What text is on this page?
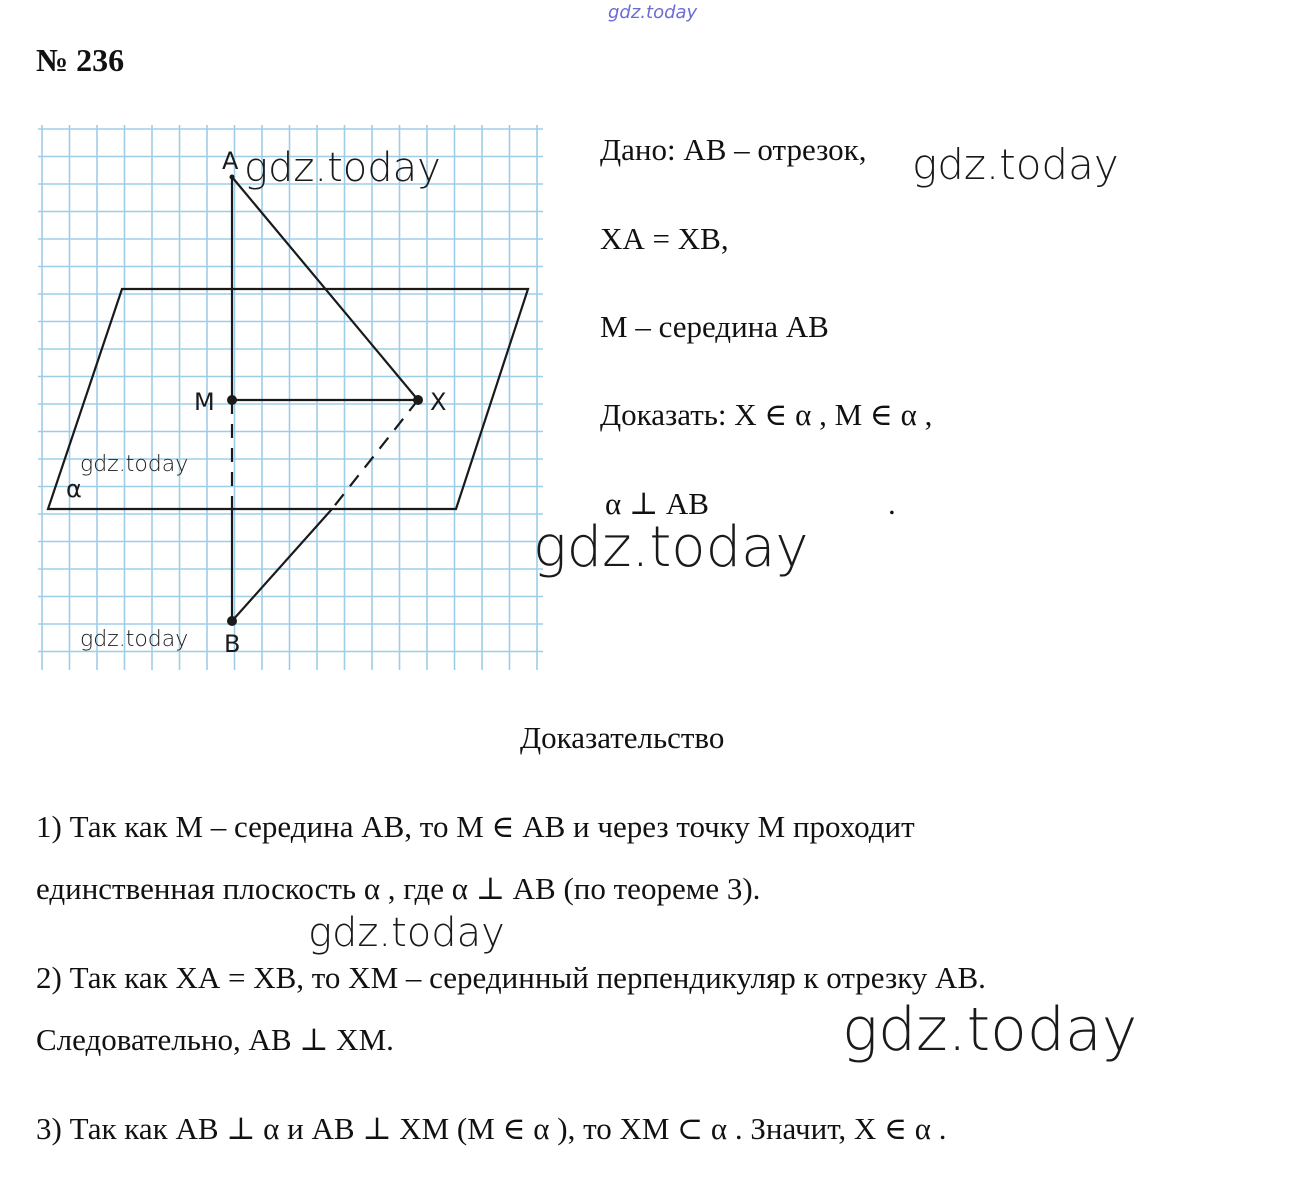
gdz.today
№ 236
A
M	X
B
α
gdz.today
gdz.today
gdz.today
Дано: АВ – отрезок, gdz.today
ХА = ХВ,
М – середина АВ
Доказать: Х ∈ α , М ∈ α ,
α ⊥ АВ	.
gdz.today
Доказательство
1) Так как М – середина АВ, то М ∈ АВ и через точку М проходит
единственная плоскость α , где α ⊥ АВ (по теореме 3).
gdz.today
2) Так как ХА = ХВ, то ХМ – серединный перпендикуляр к отрезку АВ.
Следовательно, АВ ⊥ ХМ.	gdz.today
3) Так как АВ ⊥ α и АВ ⊥ ХМ (М ∈ α ), то ХМ ⊂ α . Значит, Х ∈ α .
